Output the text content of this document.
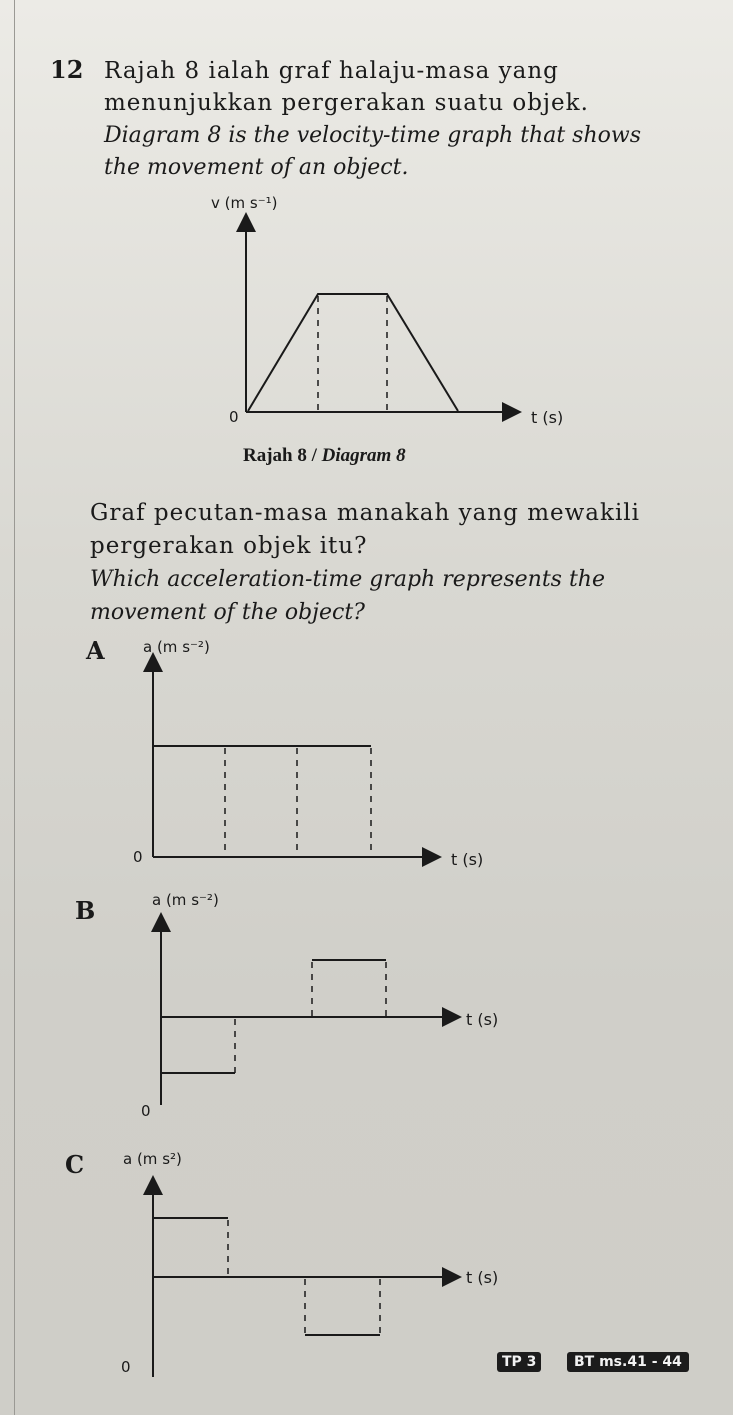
12 Rajah 8 ialah graf halaju-masa yang
menunjukkan pergerakan suatu objek.
Diagram 8 is the velocity-time graph that shows
the movement of an object.
v (m s⁻¹)
0	t (s)
Rajah 8 / Diagram 8
Graf pecutan-masa manakah yang mewakili
pergerakan objek itu?
Which acceleration-time graph represents the
movement of the object?
A	a (m s⁻²)
0	t (s)
B	a (m s⁻²)
0
t (s)
C	a (m s²)
0
t (s)
TP 3	BT ms.41 - 44
